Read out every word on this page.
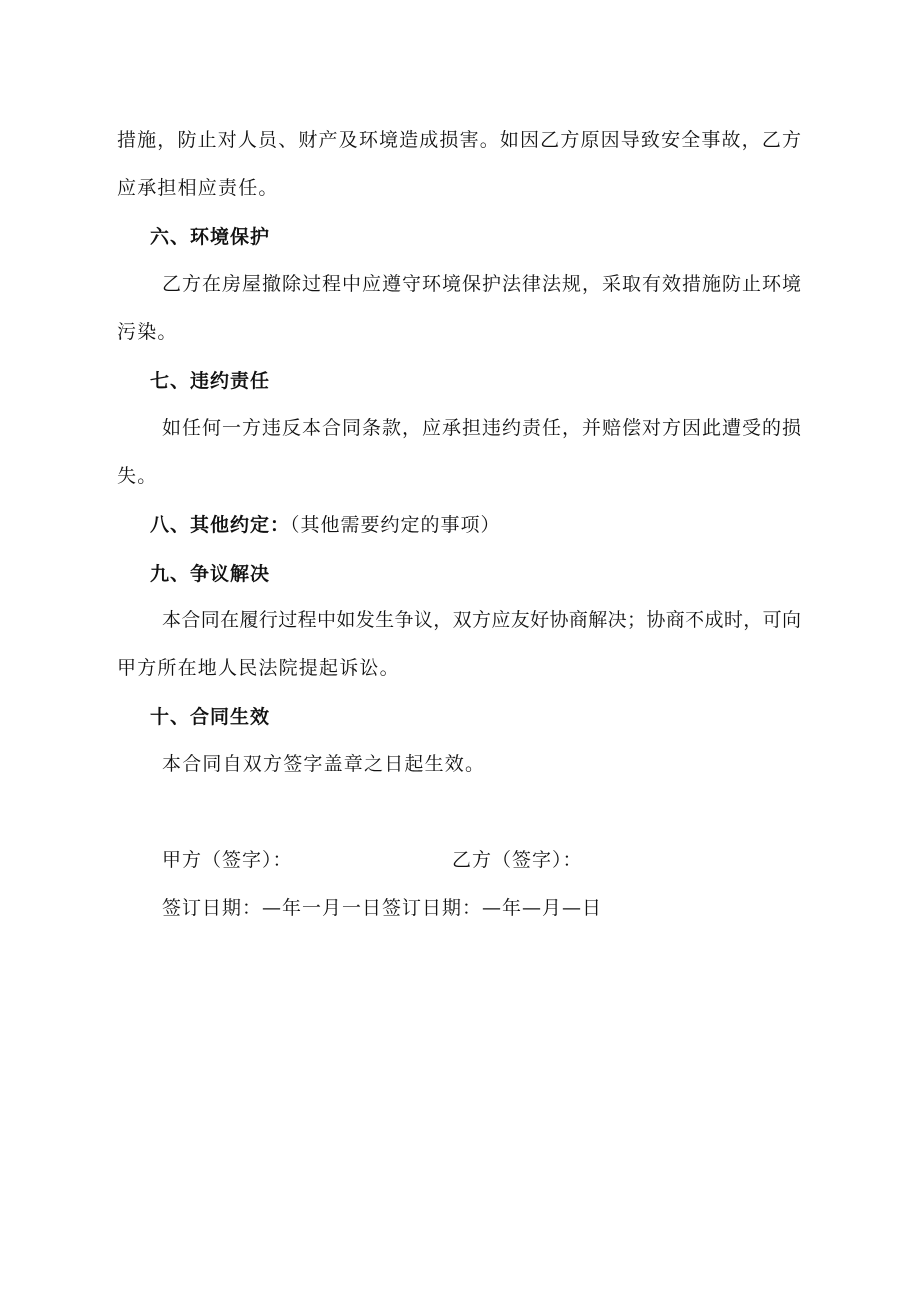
措施，防止对人员、财产及环境造成损害。如因乙方原因导致安全事故，乙方
应承担相应责任。
六、环境保护
乙方在房屋撤除过程中应遵守环境保护法律法规，采取有效措施防止环境
污染。
七、违约责任
如任何一方违反本合同条款，应承担违约责任，并赔偿对方因此遭受的损
失。
八、其他约定：（其他需要约定的事项）
九、争议解决
本合同在履行过程中如发生争议，双方应友好协商解决；协商不成时，可向
甲方所在地人民法院提起诉讼。
十、合同生效
本合同自双方签字盖章之日起生效。
甲方（签字）：	乙方（签字）：
签订日期：—年一月一日签订日期：—年—月—日
